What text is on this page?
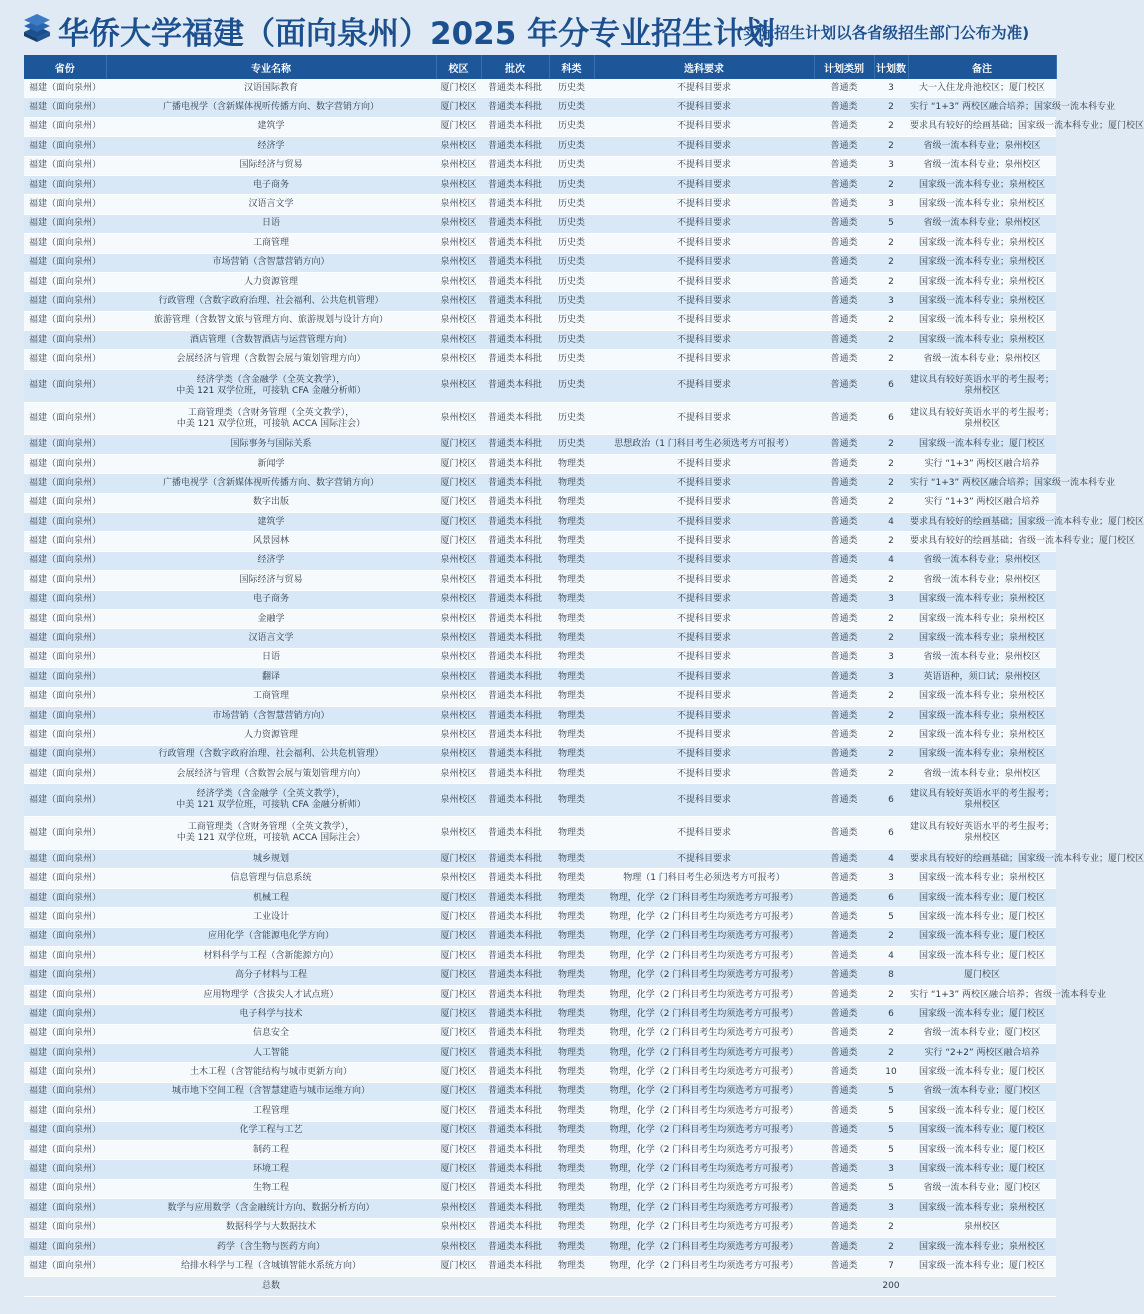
华侨大学福建（面向泉州）2025 年分专业招生计划
(实际招生计划以各省级招生部门公布为准)
省份	专业名称	校区	批次	科类	选科要求	计划类别	计划数	备注
福建（面向泉州）	汉语国际教育	厦门校区	普通类本科批	历史类	不提科目要求	普通类	3	大一入住龙舟池校区；厦门校区
福建（面向泉州）	广播电视学（含新媒体视听传播方向、数字营销方向）	厦门校区	普通类本科批	历史类	不提科目要求	普通类	2	实行 “1+3” 两校区融合培养；国家级一流本科专业
福建（面向泉州）	建筑学	厦门校区	普通类本科批	历史类	不提科目要求	普通类	2	要求具有较好的绘画基础；国家级一流本科专业；厦门校区
福建（面向泉州）	经济学	泉州校区	普通类本科批	历史类	不提科目要求	普通类	2	省级一流本科专业；泉州校区
福建（面向泉州）	国际经济与贸易	泉州校区	普通类本科批	历史类	不提科目要求	普通类	3	省级一流本科专业；泉州校区
福建（面向泉州）	电子商务	泉州校区	普通类本科批	历史类	不提科目要求	普通类	2	国家级一流本科专业；泉州校区
福建（面向泉州）	汉语言文学	泉州校区	普通类本科批	历史类	不提科目要求	普通类	3	国家级一流本科专业；泉州校区
福建（面向泉州）	日语	泉州校区	普通类本科批	历史类	不提科目要求	普通类	5	省级一流本科专业；泉州校区
福建（面向泉州）	工商管理	泉州校区	普通类本科批	历史类	不提科目要求	普通类	2	国家级一流本科专业；泉州校区
福建（面向泉州）	市场营销（含智慧营销方向）	泉州校区	普通类本科批	历史类	不提科目要求	普通类	2	国家级一流本科专业；泉州校区
福建（面向泉州）	人力资源管理	泉州校区	普通类本科批	历史类	不提科目要求	普通类	2	国家级一流本科专业；泉州校区
福建（面向泉州）	行政管理（含数字政府治理、社会福利、公共危机管理）	泉州校区	普通类本科批	历史类	不提科目要求	普通类	3	国家级一流本科专业；泉州校区
福建（面向泉州）	旅游管理（含数智文旅与管理方向、旅游规划与设计方向）	泉州校区	普通类本科批	历史类	不提科目要求	普通类	2	国家级一流本科专业；泉州校区
福建（面向泉州）	酒店管理（含数智酒店与运营管理方向）	泉州校区	普通类本科批	历史类	不提科目要求	普通类	2	国家级一流本科专业；泉州校区
福建（面向泉州）	会展经济与管理（含数智会展与策划管理方向）	泉州校区	普通类本科批	历史类	不提科目要求	普通类	2	省级一流本科专业；泉州校区
福建（面向泉州）	经济学类（含金融学（全英文教学），
中美 121 双学位班，可接轨 CFA 金融分析师）	泉州校区	普通类本科批	历史类	不提科目要求	普通类	6	建议具有较好英语水平的考生报考；泉州校区
福建（面向泉州）	工商管理类（含财务管理（全英文教学），
中美 121 双学位班，可接轨 ACCA 国际注会）	泉州校区	普通类本科批	历史类	不提科目要求	普通类	6	建议具有较好英语水平的考生报考；泉州校区
福建（面向泉州）	国际事务与国际关系	厦门校区	普通类本科批	历史类	思想政治（1 门科目考生必须选考方可报考）	普通类	2	国家级一流本科专业；厦门校区
福建（面向泉州）	新闻学	厦门校区	普通类本科批	物理类	不提科目要求	普通类	2	实行 “1+3” 两校区融合培养
福建（面向泉州）	广播电视学（含新媒体视听传播方向、数字营销方向）	厦门校区	普通类本科批	物理类	不提科目要求	普通类	2	实行 “1+3” 两校区融合培养；国家级一流本科专业
福建（面向泉州）	数字出版	厦门校区	普通类本科批	物理类	不提科目要求	普通类	2	实行 “1+3” 两校区融合培养
福建（面向泉州）	建筑学	厦门校区	普通类本科批	物理类	不提科目要求	普通类	4	要求具有较好的绘画基础；国家级一流本科专业；厦门校区
福建（面向泉州）	风景园林	厦门校区	普通类本科批	物理类	不提科目要求	普通类	2	要求具有较好的绘画基础；省级一流本科专业；厦门校区
福建（面向泉州）	经济学	泉州校区	普通类本科批	物理类	不提科目要求	普通类	4	省级一流本科专业；泉州校区
福建（面向泉州）	国际经济与贸易	泉州校区	普通类本科批	物理类	不提科目要求	普通类	2	省级一流本科专业；泉州校区
福建（面向泉州）	电子商务	泉州校区	普通类本科批	物理类	不提科目要求	普通类	3	国家级一流本科专业；泉州校区
福建（面向泉州）	金融学	泉州校区	普通类本科批	物理类	不提科目要求	普通类	2	国家级一流本科专业；泉州校区
福建（面向泉州）	汉语言文学	泉州校区	普通类本科批	物理类	不提科目要求	普通类	2	国家级一流本科专业；泉州校区
福建（面向泉州）	日语	泉州校区	普通类本科批	物理类	不提科目要求	普通类	3	省级一流本科专业；泉州校区
福建（面向泉州）	翻译	泉州校区	普通类本科批	物理类	不提科目要求	普通类	3	英语语种，须口试；泉州校区
福建（面向泉州）	工商管理	泉州校区	普通类本科批	物理类	不提科目要求	普通类	2	国家级一流本科专业；泉州校区
福建（面向泉州）	市场营销（含智慧营销方向）	泉州校区	普通类本科批	物理类	不提科目要求	普通类	2	国家级一流本科专业；泉州校区
福建（面向泉州）	人力资源管理	泉州校区	普通类本科批	物理类	不提科目要求	普通类	2	国家级一流本科专业；泉州校区
福建（面向泉州）	行政管理（含数字政府治理、社会福利、公共危机管理）	泉州校区	普通类本科批	物理类	不提科目要求	普通类	2	国家级一流本科专业；泉州校区
福建（面向泉州）	会展经济与管理（含数智会展与策划管理方向）	泉州校区	普通类本科批	物理类	不提科目要求	普通类	2	省级一流本科专业；泉州校区
福建（面向泉州）	经济学类（含金融学（全英文教学），
中美 121 双学位班，可接轨 CFA 金融分析师）	泉州校区	普通类本科批	物理类	不提科目要求	普通类	6	建议具有较好英语水平的考生报考；泉州校区
福建（面向泉州）	工商管理类（含财务管理（全英文教学），
中美 121 双学位班，可接轨 ACCA 国际注会）	泉州校区	普通类本科批	物理类	不提科目要求	普通类	6	建议具有较好英语水平的考生报考；泉州校区
福建（面向泉州）	城乡规划	厦门校区	普通类本科批	物理类	不提科目要求	普通类	4	要求具有较好的绘画基础；国家级一流本科专业；厦门校区
福建（面向泉州）	信息管理与信息系统	泉州校区	普通类本科批	物理类	物理（1 门科目考生必须选考方可报考）	普通类	3	国家级一流本科专业；泉州校区
福建（面向泉州）	机械工程	厦门校区	普通类本科批	物理类	物理，化学（2 门科目考生均须选考方可报考）	普通类	6	国家级一流本科专业；厦门校区
福建（面向泉州）	工业设计	厦门校区	普通类本科批	物理类	物理，化学（2 门科目考生均须选考方可报考）	普通类	5	国家级一流本科专业；厦门校区
福建（面向泉州）	应用化学（含能源电化学方向）	厦门校区	普通类本科批	物理类	物理，化学（2 门科目考生均须选考方可报考）	普通类	2	国家级一流本科专业；厦门校区
福建（面向泉州）	材料科学与工程（含新能源方向）	厦门校区	普通类本科批	物理类	物理，化学（2 门科目考生均须选考方可报考）	普通类	4	国家级一流本科专业；厦门校区
福建（面向泉州）	高分子材料与工程	厦门校区	普通类本科批	物理类	物理，化学（2 门科目考生均须选考方可报考）	普通类	8	厦门校区
福建（面向泉州）	应用物理学（含拔尖人才试点班）	厦门校区	普通类本科批	物理类	物理，化学（2 门科目考生均须选考方可报考）	普通类	2	实行 “1+3” 两校区融合培养；省级一流本科专业
福建（面向泉州）	电子科学与技术	厦门校区	普通类本科批	物理类	物理，化学（2 门科目考生均须选考方可报考）	普通类	6	国家级一流本科专业；厦门校区
福建（面向泉州）	信息安全	厦门校区	普通类本科批	物理类	物理，化学（2 门科目考生均须选考方可报考）	普通类	2	省级一流本科专业；厦门校区
福建（面向泉州）	人工智能	厦门校区	普通类本科批	物理类	物理，化学（2 门科目考生均须选考方可报考）	普通类	2	实行 “2+2” 两校区融合培养
福建（面向泉州）	土木工程（含智能结构与城市更新方向）	厦门校区	普通类本科批	物理类	物理，化学（2 门科目考生均须选考方可报考）	普通类	10	国家级一流本科专业；厦门校区
福建（面向泉州）	城市地下空间工程（含智慧建造与城市运维方向）	厦门校区	普通类本科批	物理类	物理，化学（2 门科目考生均须选考方可报考）	普通类	5	省级一流本科专业；厦门校区
福建（面向泉州）	工程管理	厦门校区	普通类本科批	物理类	物理，化学（2 门科目考生均须选考方可报考）	普通类	5	国家级一流本科专业；厦门校区
福建（面向泉州）	化学工程与工艺	厦门校区	普通类本科批	物理类	物理，化学（2 门科目考生均须选考方可报考）	普通类	5	国家级一流本科专业；厦门校区
福建（面向泉州）	制药工程	厦门校区	普通类本科批	物理类	物理，化学（2 门科目考生均须选考方可报考）	普通类	5	国家级一流本科专业；厦门校区
福建（面向泉州）	环境工程	厦门校区	普通类本科批	物理类	物理，化学（2 门科目考生均须选考方可报考）	普通类	3	国家级一流本科专业；厦门校区
福建（面向泉州）	生物工程	厦门校区	普通类本科批	物理类	物理，化学（2 门科目考生均须选考方可报考）	普通类	5	省级一流本科专业；厦门校区
福建（面向泉州）	数学与应用数学（含金融统计方向、数据分析方向）	泉州校区	普通类本科批	物理类	物理，化学（2 门科目考生均须选考方可报考）	普通类	3	国家级一流本科专业；泉州校区
福建（面向泉州）	数据科学与大数据技术	泉州校区	普通类本科批	物理类	物理，化学（2 门科目考生均须选考方可报考）	普通类	2	泉州校区
福建（面向泉州）	药学（含生物与医药方向）	泉州校区	普通类本科批	物理类	物理，化学（2 门科目考生均须选考方可报考）	普通类	2	国家级一流本科专业；泉州校区
福建（面向泉州）	给排水科学与工程（含城镇智能水系统方向）	厦门校区	普通类本科批	物理类	物理，化学（2 门科目考生均须选考方可报考）	普通类	7	国家级一流本科专业；厦门校区
	总数						200	
